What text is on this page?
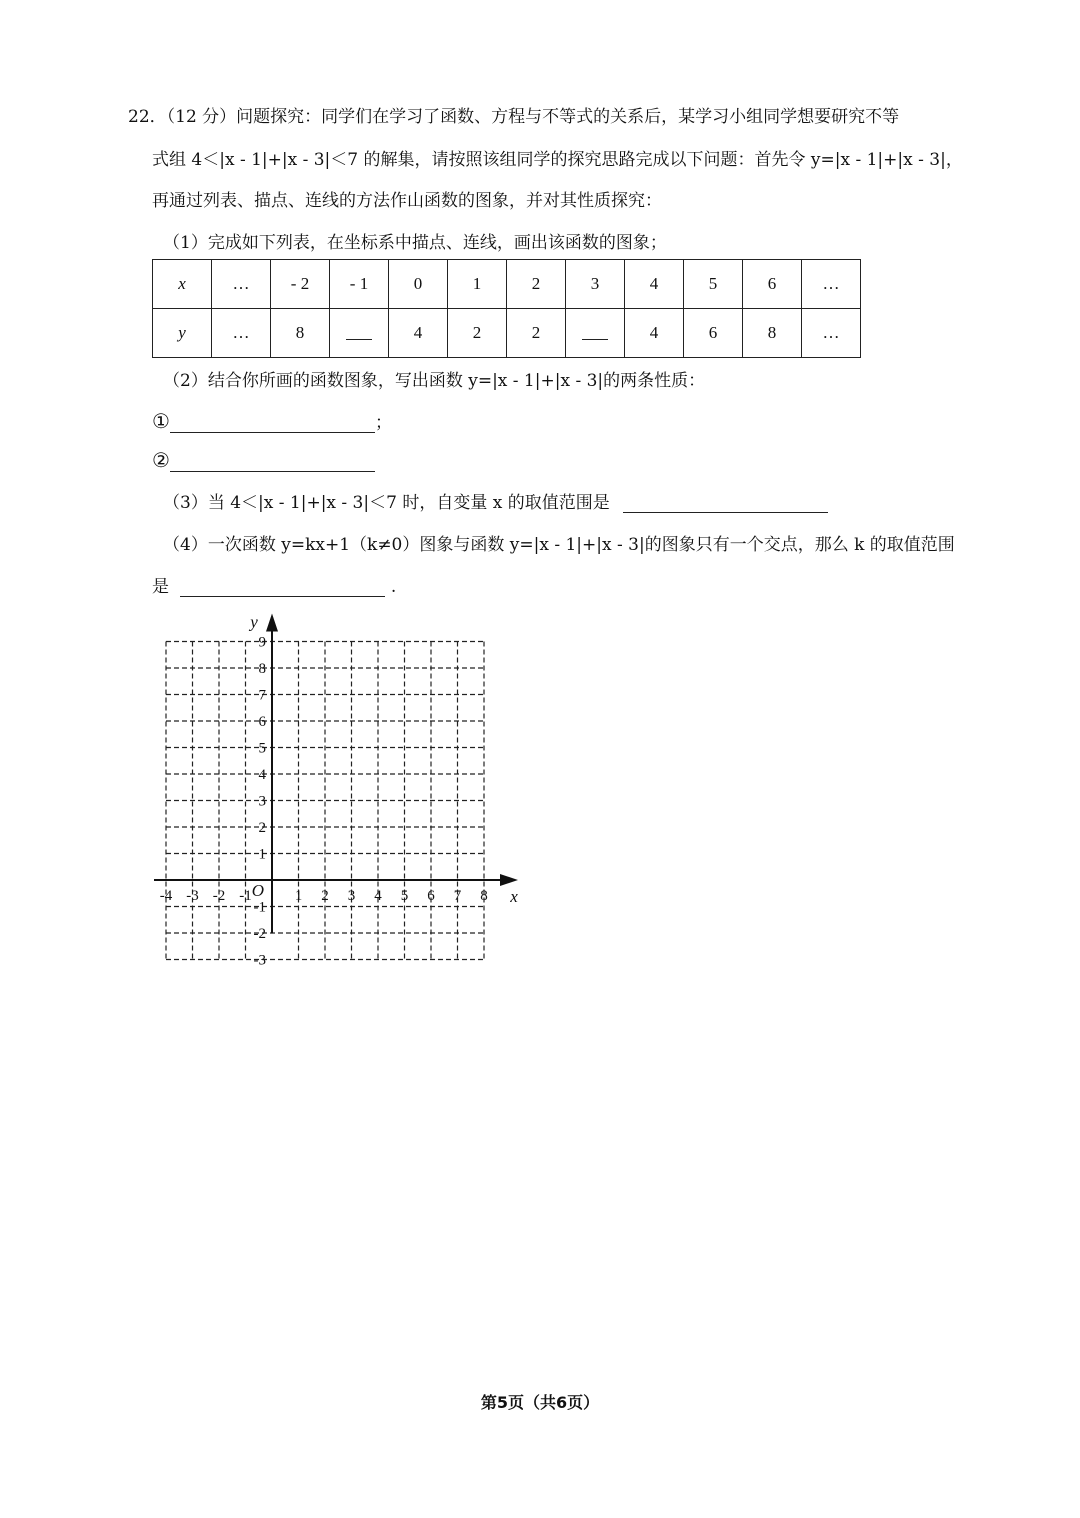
22．（12 分）问题探究：同学们在学习了函数、方程与不等式的关系后，某学习小组同学想要研究不等
式组 4＜|x - 1|+|x - 3|＜7 的解集，请按照该组同学的探究思路完成以下问题：首先令 y=|x - 1|+|x - 3|，
再通过列表、描点、连线的方法作山函数的图象，并对其性质探究：
（1）完成如下列表，在坐标系中描点、连线，画出该函数的图象；
x	…	- 2	- 1	0	1	2	3	4	5	6	…
y	…	8		4	2	2		4	6	8	…
（2）结合你所画的函数图象，写出函数 y=|x - 1|+|x - 3|的两条性质：
①	；
②
（3）当 4＜|x - 1|+|x - 3|＜7 时，自变量 x 的取值范围是
（4）一次函数 y=kx+1（k≠0）图象与函数 y=|x - 1|+|x - 3|的图象只有一个交点，那么 k 的取值范围
是	.
1 2 3 4 5 6 7 8
-4 -3 -2 -1
1
2
3
4
5
6
7
8
9
-1
-2
-3
O	x
y
第5页（共6页）
